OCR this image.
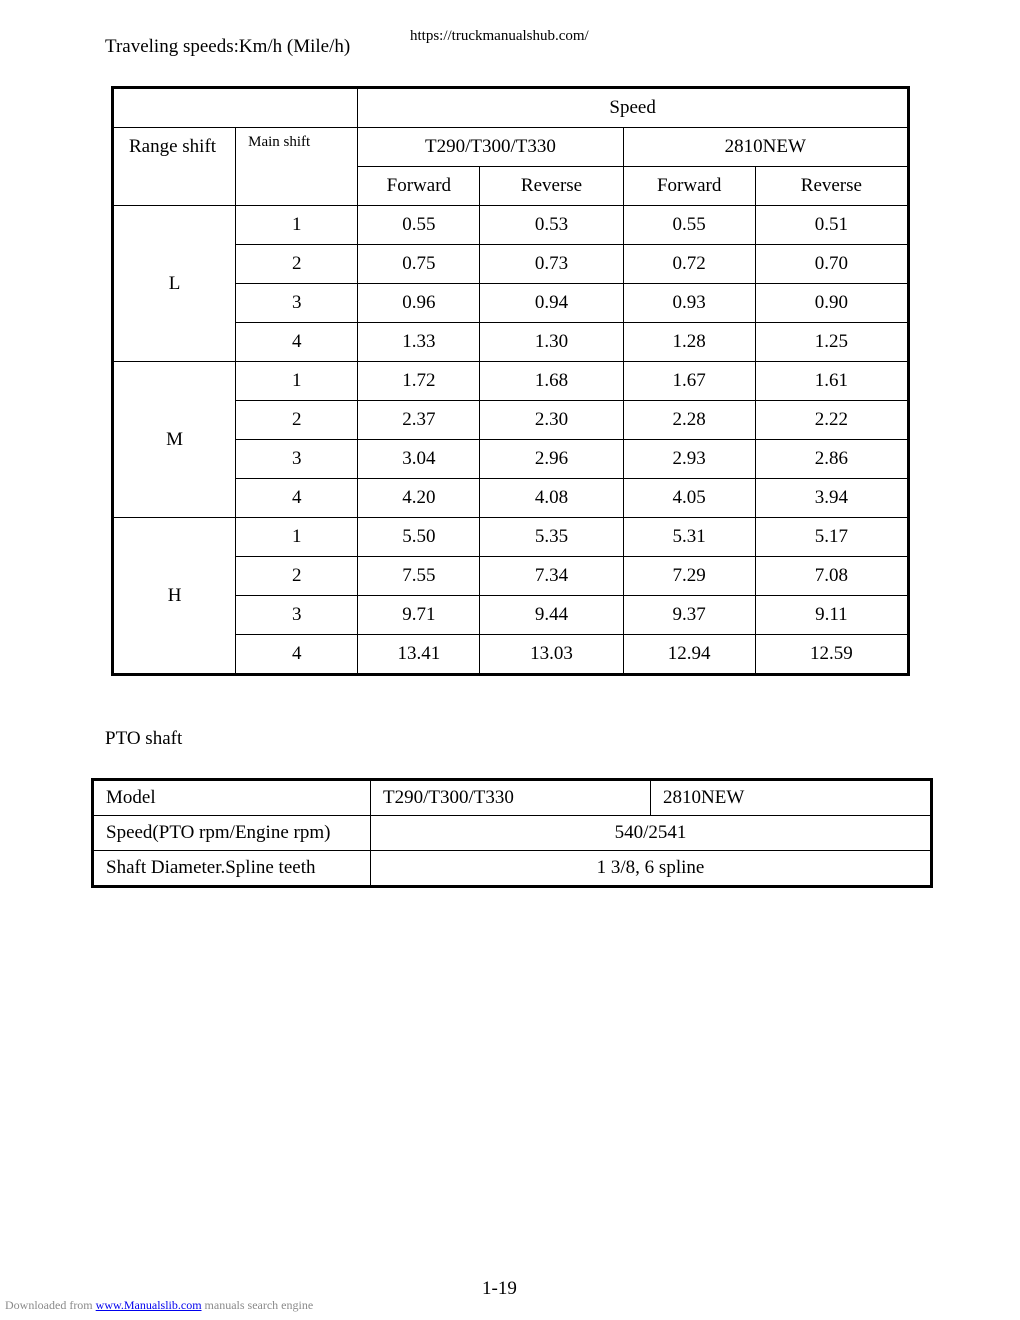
Traveling speeds:Km/h (Mile/h)	https://truckmanualshub.com/
		Speed			
Range shift	Main shift	T290/T300/T330		2810NEW	
		Forward	Reverse	Forward	Reverse
L	1	0.55	0.53	0.55	0.51
	2	0.75	0.73	0.72	0.70
	3	0.96	0.94	0.93	0.90
	4	1.33	1.30	1.28	1.25
M	1	1.72	1.68	1.67	1.61
	2	2.37	2.30	2.28	2.22
	3	3.04	2.96	2.93	2.86
	4	4.20	4.08	4.05	3.94
H	1	5.50	5.35	5.31	5.17
	2	7.55	7.34	7.29	7.08
	3	9.71	9.44	9.37	9.11
	4	13.41	13.03	12.94	12.59
PTO shaft
Model	T290/T300/T330	2810NEW
Speed(PTO rpm/Engine rpm)	540/2541	
Shaft Diameter.Spline teeth	1 3/8, 6 spline	
1-19
Downloaded from www.Manualslib.com manuals search engine
